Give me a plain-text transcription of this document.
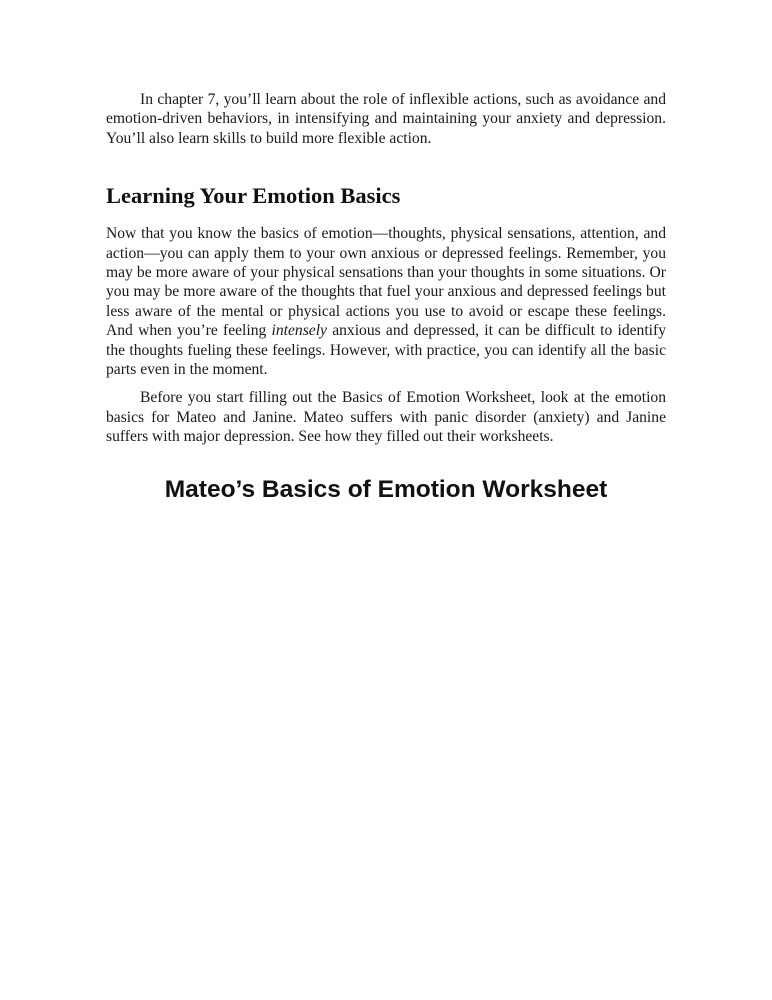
In chapter 7, you’ll learn about the role of inflexible actions, such as avoidance and emotion-driven behaviors, in intensifying and maintaining your anxiety and depression. You’ll also learn skills to build more flexible action.

Learning Your Emotion Basics

Now that you know the basics of emotion—thoughts, physical sensations, attention, and action—you can apply them to your own anxious or depressed feelings. Remember, you may be more aware of your physical sensations than your thoughts in some situations. Or you may be more aware of the thoughts that fuel your anxious and depressed feelings but less aware of the mental or physical actions you use to avoid or escape these feelings. And when you’re feeling intensely anxious and depressed, it can be difficult to identify the thoughts fueling these feelings. However, with practice, you can identify all the basic parts even in the moment.

Before you start filling out the Basics of Emotion Worksheet, look at the emotion basics for Mateo and Janine. Mateo suffers with panic disorder (anxiety) and Janine suffers with major depression. See how they filled out their worksheets.

Mateo’s Basics of Emotion Worksheet
